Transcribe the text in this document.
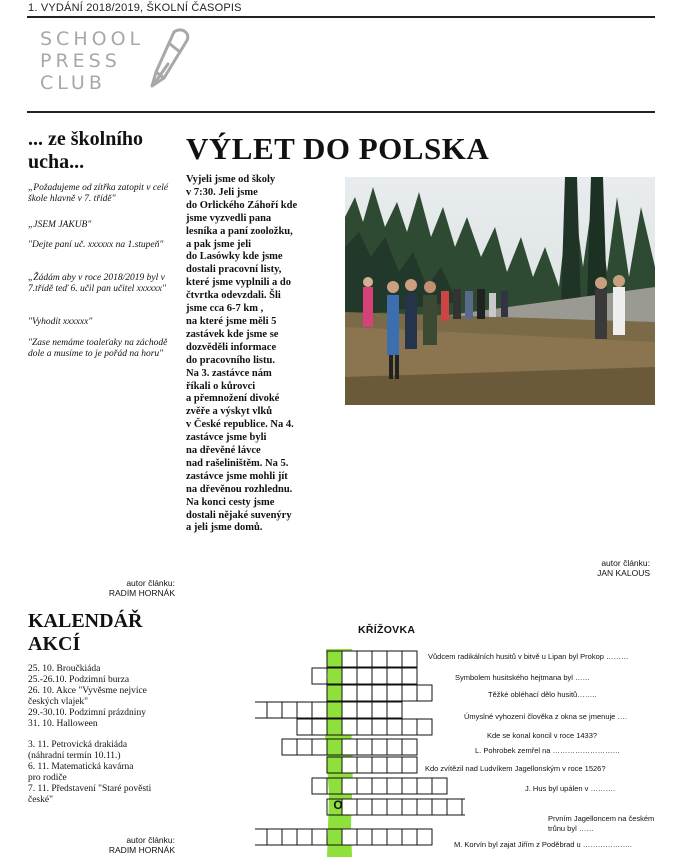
1. VYDÁNÍ 2018/2019, ŠKOLNÍ ČASOPIS
SCHOOL
PRESS
CLUB
... ze školního ucha...
„Požadujeme od zítřka zatopit v celé škole hlavně v 7. třídě"
„JSEM JAKUB"
"Dejte paní uč. xxxxxx na 1.stupeň"
„Žádám aby v roce 2018/2019 byl v 7.třídě teď 6. učil pan učitel xxxxxx"
"Vyhodit xxxxxx"
"Zase nemáme toaleťaky na záchodě dole a musíme to je pořád na horu"
autor článku:
RADIM HORNÁK
VÝLET DO POLSKA
Vyjeli jsme od školy
v 7:30. Jeli jsme
do Orlického Záhoří kde
jsme vyzvedli pana
lesníka a paní zooložku,
a pak jsme jeli
do Lasówky kde jsme
dostali pracovní listy,
které jsme vyplnili a do
čtvrtka odevzdali. Šli
jsme cca 6-7 km ,
na které jsme měli 5
zastávek kde jsme se
dozvěděli informace
do pracovního listu.
Na 3. zastávce nám
říkali o kůrovci
a přemnožení divoké
zvěře a výskyt vlků
v České republice. Na 4.
zastávce jsme byli
na dřevěné lávce
nad rašeliništěm. Na 5.
zastávce jsme mohli jít
na dřevěnou rozhlednu.
Na konci cesty jsme
dostali nějaké suvenýry
a jeli jsme domů.
autor článku:
JAN KALOUS
KALENDÁŘ AKCÍ
25. 10. Broučkiáda
25.-26.10. Podzimní burza
26. 10. Akce "Vyvěsme nejvíce
českých vlajek"
29.-30.10. Podzimní prázdniny
31. 10. Halloween
3. 11. Petrovická drakiáda
(náhradní termín 10.11.)
6. 11. Matematická kavárna
pro rodiče
7. 11. Představení "Staré pověsti
české"
autor článku:
RADIM HORNÁK
KŘÍŽOVKA
O
Vůdcem radikálních husitů v bitvě u Lipan byl Prokop ………
Symbolem husitského hejtmana byl ……
Těžké obléhací dělo husitů……..
Úmyslné vyhození člověka z okna se jmenuje ….
Kde se konal koncil v roce 1433?
L. Pohrobek zemřel na ………………………
Kdo zvítězil nad Ludvíkem Jagellonským v roce 1526?
J. Hus byl upálen v ……….
Prvním Jagelloncem na českém trůnu byl ……
M. Korvín byl zajat Jiřím z Poděbrad u ………………..
